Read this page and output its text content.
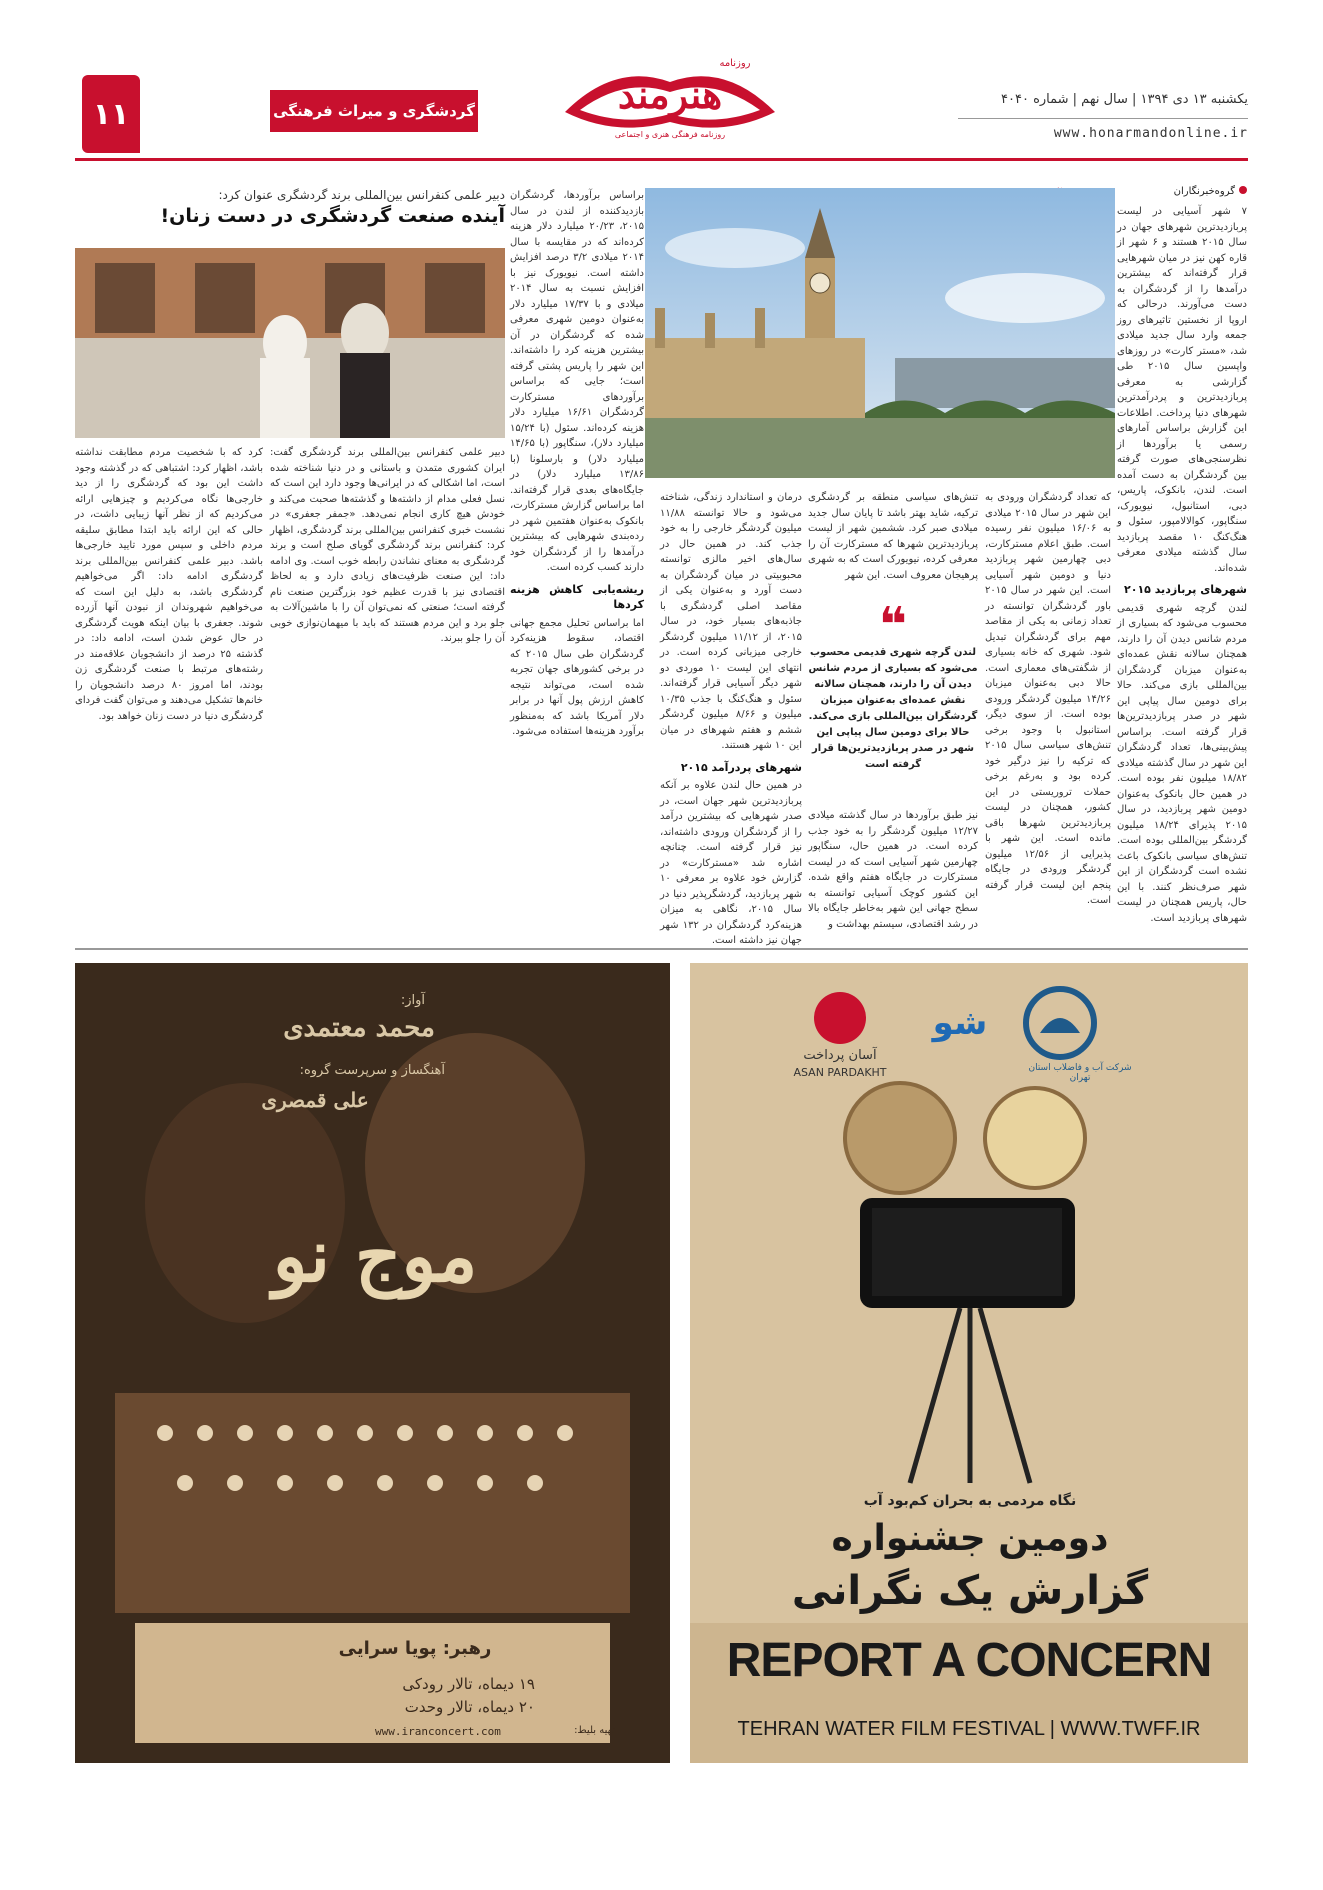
۱۱	گردشگری و میراث فرهنگی	هنرمند
روزنامه
روزنامه فرهنگی هنری و اجتماعی
یکشنبه ۱۳ دی ۱۳۹۴ | سال نهم | شماره ۴۰۴۰
www.honarmandonline.ir
گروه‌خبرنگاران

۷ شهر آسیایی در لیست پربازدیدترین شهرهای جهان در سال ۲۰۱۵ هستند و ۶ شهر از قاره کهن نیز در میان شهرهایی قرار گرفته‌اند که بیشترین درآمدها را از گردشگران به دست می‌آورند. درحالی که اروپا از نخستین تاثیرهای روز جمعه وارد سال جدید میلادی شد، «مستر کارت» در روزهای واپسین سال ۲۰۱۵ طی گزارشی به معرفی پربازدیدترین و پردرآمدترین شهرهای دنیا پرداخت. اطلاعات این گزارش براساس آمارهای رسمی یا برآوردها از نظرسنجی‌های صورت گرفته بین گردشگران به دست آمده است. لندن، بانکوک، پاریس، دبی، استانبول، نیویورک، سنگاپور، کوالالامپور، سئول و هنگ‌کنگ ۱۰ مقصد پربازدید سال گذشته میلادی معرفی شده‌اند.

شهرهای پربازدید ۲۰۱۵

لندن گرچه شهری قدیمی محسوب می‌شود که بسیاری از مردم شانس دیدن آن را دارند، همچنان سالانه نقش عمده‌ای به‌عنوان میزبان گردشگران بین‌المللی بازی می‌کند. حالا برای دومین سال پیاپی این شهر در صدر پربازدیدترین‌ها قرار گرفته است. براساس پیش‌بینی‌ها، تعداد گردشگران این شهر در سال گذشته میلادی ۱۸/۸۲ میلیون نفر بوده است. در همین حال بانکوک به‌عنوان دومین شهر پربازدید، در سال ۲۰۱۵ پذیرای ۱۸/۲۴ میلیون گردشگر بین‌المللی بوده است. تنش‌های سیاسی بانکوک باعث نشده است گردشگران از این شهر صرف‌نظر کنند. با این حال، پاریس همچنان در لیست شهرهای پربازدید است.

که تعداد گردشگران ورودی به این شهر در سال ۲۰۱۵ میلادی به ۱۶/۰۶ میلیون نفر رسیده است. طبق اعلام مسترکارت، دبی چهارمین شهر پربازدید دنیا و دومین شهر آسیایی است. این شهر در سال ۲۰۱۵ باور گردشگران توانسته در تعداد زمانی به یکی از مقاصد مهم برای گردشگران تبدیل شود. شهری که خانه بسیاری از شگفتی‌های معماری است. حالا دبی به‌عنوان میزبان ۱۴/۲۶ میلیون گردشگر ورودی بوده است. از سوی دیگر، استانبول با وجود برخی تنش‌های سیاسی سال ۲۰۱۵ که ترکیه را نیز درگیر خود کرده بود و به‌رغم برخی حملات تروریستی در این کشور، همچنان در لیست پربازدیدترین شهرها باقی مانده است. این شهر با پذیرایی از ۱۲/۵۶ میلیون گردشگر ورودی در جایگاه پنجم این لیست قرار گرفته است.

تنش‌های سیاسی منطقه بر گردشگری ترکیه، شاید بهتر باشد تا پایان سال جدید میلادی صبر کرد. ششمین شهر از لیست پربازدیدترین شهرها که مسترکارت آن را معرفی کرده، نیویورک است که به شهری پرهیجان معروف است. این شهر

❝
لندن گرچه شهری قدیمی محسوب می‌شود که بسیاری از مردم شانس دیدن آن را دارند، همچنان سالانه نقش عمده‌ای به‌عنوان میزبان گردشگران بین‌المللی بازی می‌کند. حالا برای دومین سال پیاپی این شهر در صدر پربازدیدترین‌ها قرار گرفته است

نیز طبق برآوردها در سال گذشته میلادی ۱۲/۲۷ میلیون گردشگر را به خود جذب کرده است. در همین حال، سنگاپور چهارمین شهر آسیایی است که در لیست مسترکارت در جایگاه هفتم واقع شده. این کشور کوچک آسیایی توانسته به سطح جهانی این شهر به‌خاطر جایگاه بالا در رشد اقتصادی، سیستم بهداشت و

درمان و استاندارد زندگی، شناخته می‌شود و حالا توانسته ۱۱/۸۸ میلیون گردشگر خارجی را به خود جذب کند. در همین حال در سال‌های اخیر مالزی توانسته محبوبیتی در میان گردشگران به دست آورد و به‌عنوان یکی از مقاصد اصلی گردشگری با جاذبه‌های بسیار خود، در سال ۲۰۱۵، از ۱۱/۱۲ میلیون گردشگر خارجی میزبانی کرده است. در انتهای این لیست ۱۰ موردی دو شهر دیگر آسیایی قرار گرفته‌اند. سئول و هنگ‌کنگ با جذب ۱۰/۳۵ میلیون و ۸/۶۶ میلیون گردشگر ششم و هفتم شهرهای در میان این ۱۰ شهر هستند.

شهرهای پردرآمد ۲۰۱۵

در همین حال لندن علاوه بر آنکه پربازدیدترین شهر جهان است، در صدر شهرهایی که بیشترین درآمد را از گردشگران ورودی داشته‌اند، نیز قرار گرفته است. چنانچه اشاره شد «مسترکارت» در گزارش خود علاوه بر معرفی ۱۰ شهر پربازدید، گردشگرپذیر دنیا در سال ۲۰۱۵، نگاهی به میزان هزینه‌کرد گردشگران در ۱۳۲ شهر جهان نیز داشته است.

براساس برآوردها، گردشگران بازدیدکننده از لندن در سال ۲۰۱۵، ۲۰/۲۳ میلیارد دلار هزینه کرده‌اند که در مقایسه با سال ۲۰۱۴ میلادی ۳/۲ درصد افزایش داشته است. نیویورک نیز با افزایش نسبت به سال ۲۰۱۴ میلادی و با ۱۷/۳۷ میلیارد دلار به‌عنوان دومین شهری معرفی شده که گردشگران در آن بیشترین هزینه کرد را داشته‌اند. این شهر را پاریس پشتی گرفته است؛ جایی که براساس برآوردهای مسترکارت گردشگران ۱۶/۶۱ میلیارد دلار هزینه کرده‌اند. سئول (با ۱۵/۲۴ میلیارد دلار)، سنگاپور (با ۱۴/۶۵ میلیارد دلار) و بارسلونا (با ۱۳/۸۶ میلیارد دلار) در جایگاه‌های بعدی قرار گرفته‌اند. اما براساس گزارش مسترکارت، بانکوک به‌عنوان هفتمین شهر در رده‌بندی شهرهایی که بیشترین درآمدها را از گردشگران خود دارند کسب کرده است.

ریشه‌یابی کاهش هزینه کردها

اما براساس تحلیل مجمع جهانی اقتصاد، سقوط هزینه‌کرد گردشگران طی سال ۲۰۱۵ که در برخی کشورهای جهان تجربه شده است، می‌تواند نتیجه کاهش ارزش پول آنها در برابر دلار آمریکا باشد که به‌منظور برآورد هزینه‌ها استفاده می‌شود.

دبیر علمی کنفرانس بین‌المللی برند گردشگری عنوان کرد:
آینده صنعت گردشگری در دست زنان!

دبیر علمی کنفرانس بین‌المللی برند گردشگری گفت: ایران کشوری متمدن و باستانی و در دنیا شناخته شده است، اما اشکالی که در ایرانی‌ها وجود دارد این است که نسل فعلی مدام از داشته‌ها و گذشته‌ها صحبت می‌کند و خودش هیچ کاری انجام نمی‌دهد. «جمفر جعفری» در نشست خبری کنفرانس بین‌المللی برند گردشگری، اظهار کرد: کنفرانس برند گردشگری گویای صلح است و برند گردشگری به معنای نشاندن رابطه خوب است. وی ادامه داد: این صنعت ظرفیت‌های زیادی دارد و به لحاظ اقتصادی نیز با قدرت عظیم خود بزرگترین صنعت نام گرفته است؛ صنعتی که نمی‌توان آن را با ماشین‌آلات به جلو برد و این مردم هستند که باید با میهمان‌نوازی خوبی آن را جلو ببرند.

کرد که با شخصیت مردم مطابقت نداشته باشد، اظهار کرد: اشتباهی که در گذشته وجود داشت این بود که گردشگری را از دید خارجی‌ها نگاه می‌کردیم و چیزهایی ارائه می‌کردیم که از نظر آنها زیبایی داشت، در حالی که این ارائه باید ابتدا مطابق سلیقه مردم داخلی و سپس مورد تایید خارجی‌ها باشد. دبیر علمی کنفرانس بین‌المللی برند گردشگری ادامه داد: اگر می‌خواهیم گردشگری باشد، به دلیل این است که می‌خواهیم شهروندان از نبودن آنها آزرده شوند. جعفری با بیان اینکه هویت گردشگری در حال عوض شدن است، ادامه داد: در گذشته ۲۵ درصد از دانشجویان علاقه‌مند در رشته‌های مرتبط با صنعت گردشگری زن بودند، اما امروز ۸۰ درصد دانشجویان را خانم‌ها تشکیل می‌دهند و می‌توان گفت فردای گردشگری دنیا در دست زنان خواهد بود.

آواز:
محمد معتمدی
آهنگساز و سرپرست گروه:
علی قمصری
موج نو
رهبر: پویا سرایی
۱۹ دیماه، تالار رودکی
۲۰ دیماه، تالار وحدت
www.iranconcert.com	تهیه بلیط:
شرکت آب و فاضلاب استان تهران
شو
آسان پرداخت
ASAN PARDAKHT
نگاه مردمی به بحران کم‌بود آب
دومین جشنواره
گزارش یک نگرانی
REPORT A CONCERN
TEHRAN WATER FILM FESTIVAL | WWW.TWFF.IR
